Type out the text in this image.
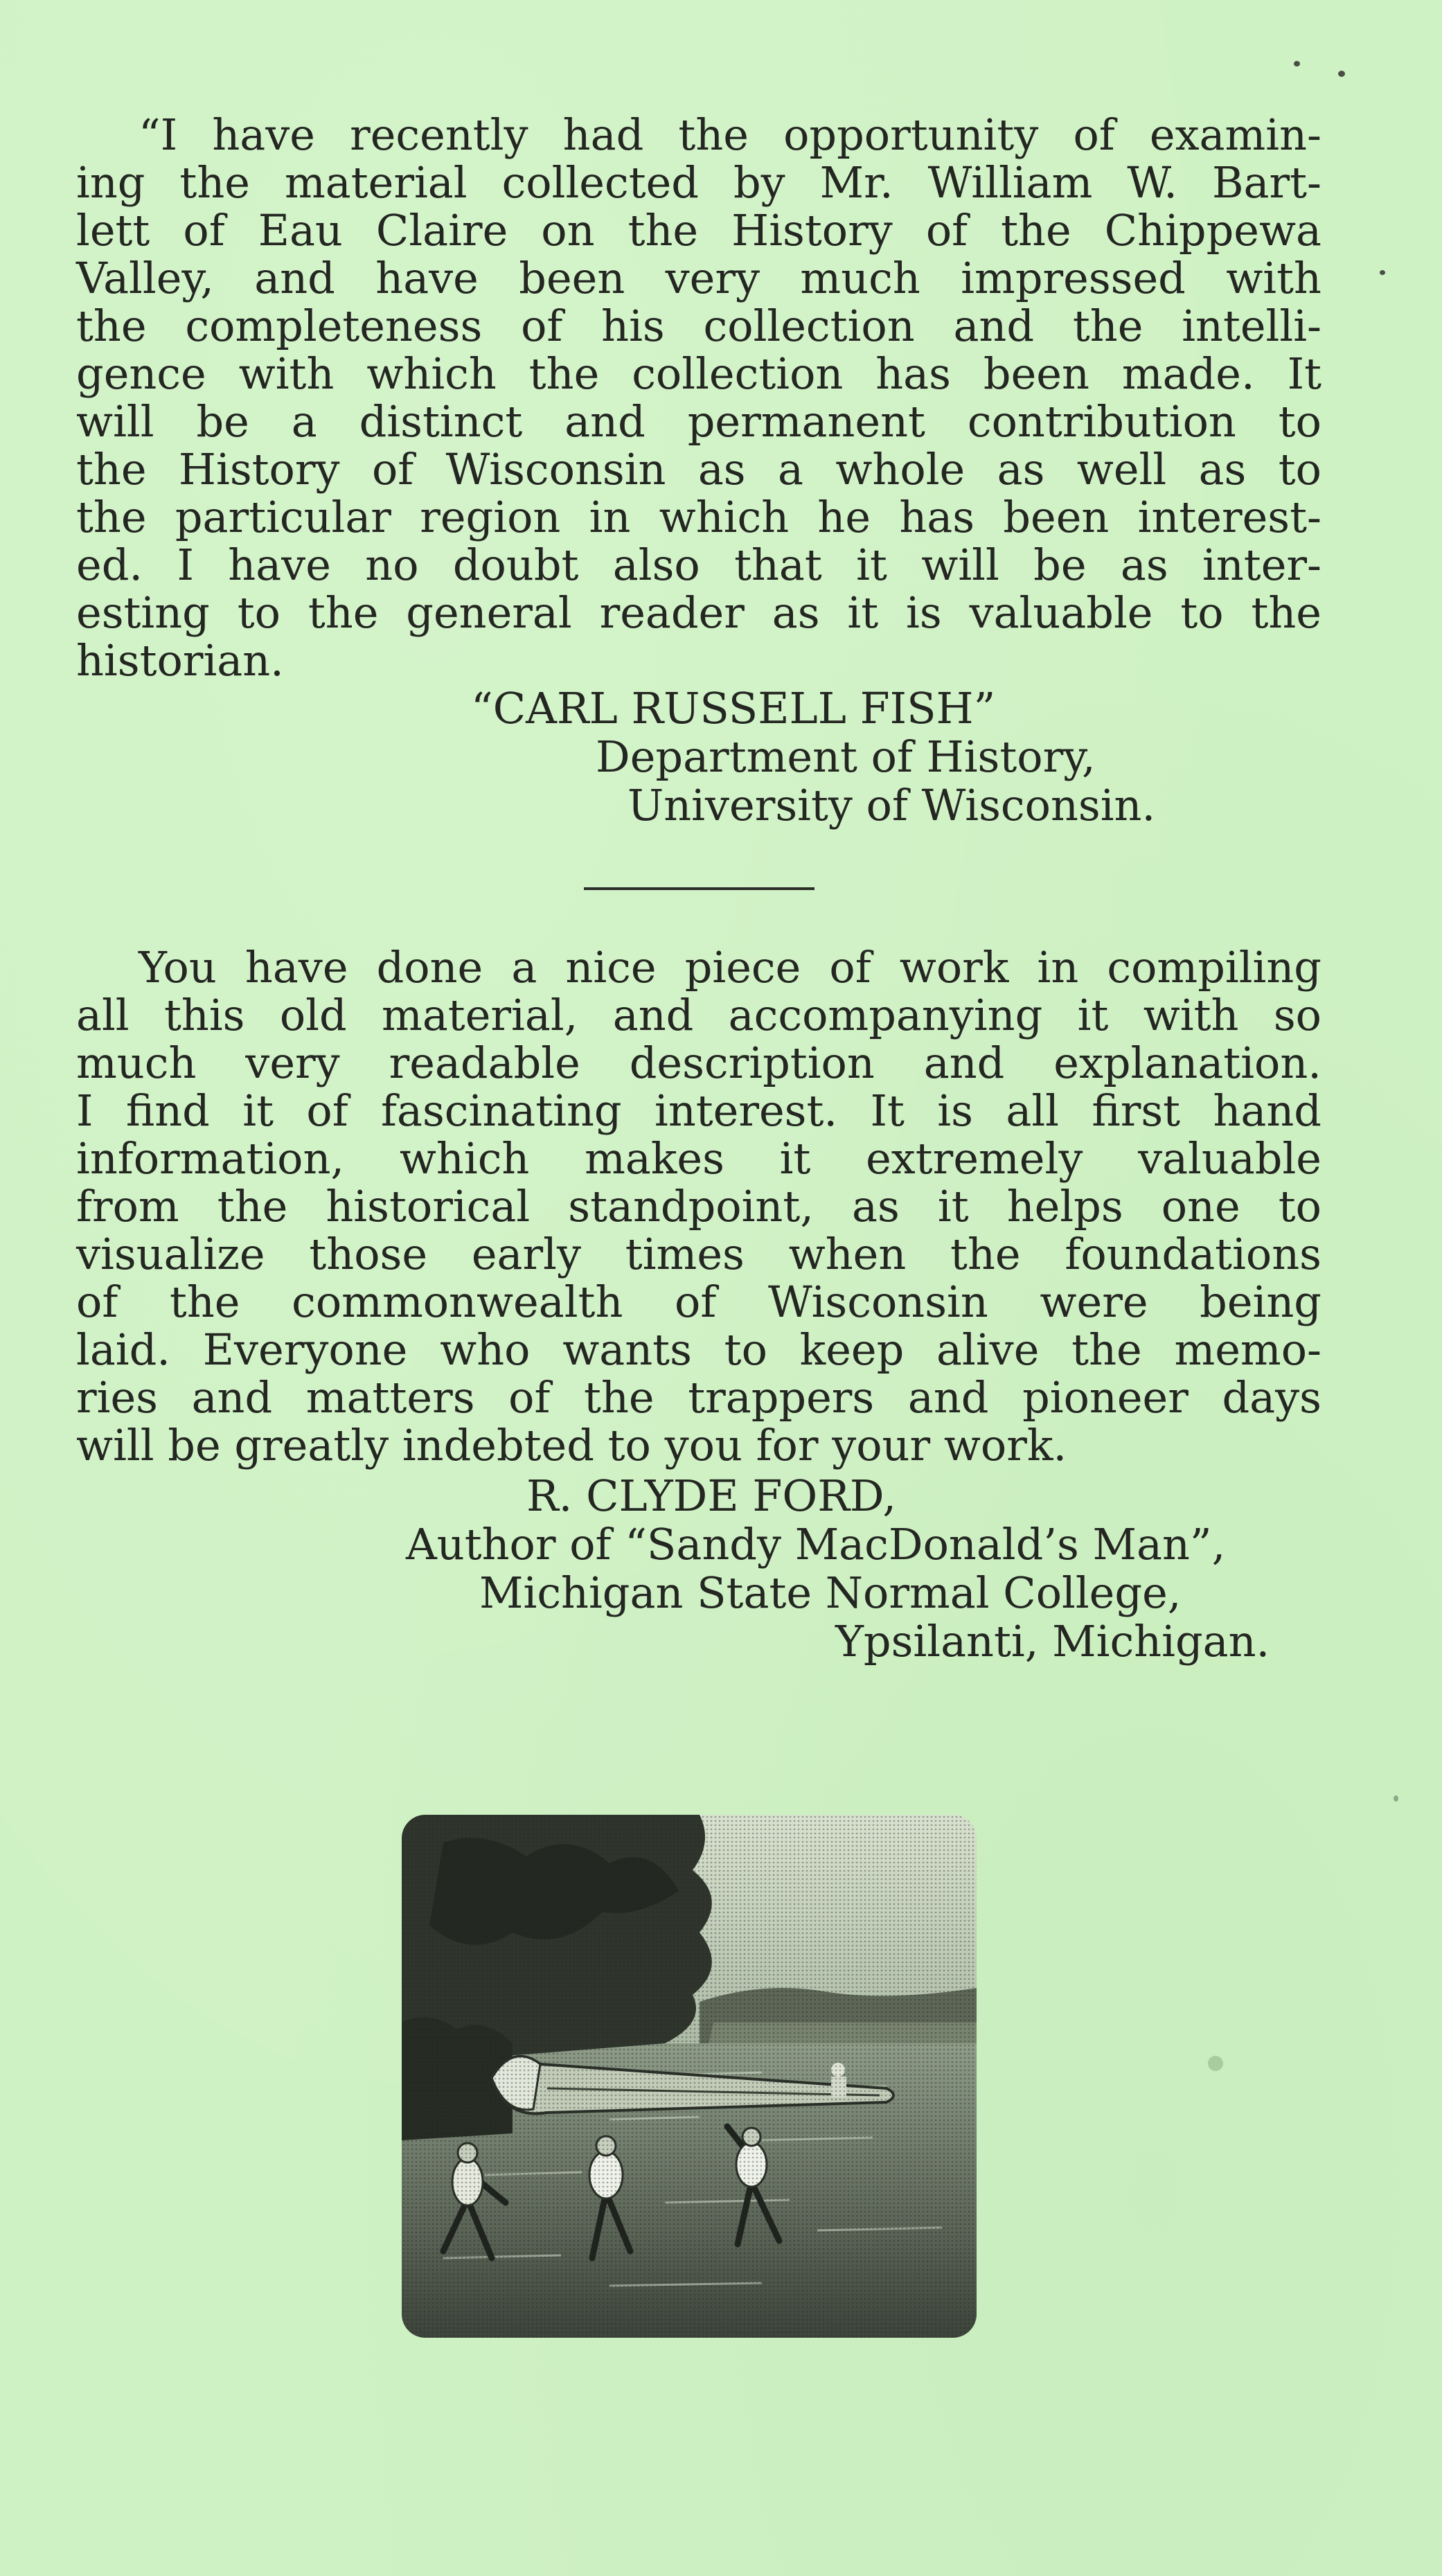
“I have recently had the opportunity of examin-
ing the material collected by Mr. William W. Bart-
lett of Eau Claire on the History of the Chippewa
Valley, and have been very much impressed with
the completeness of his collection and the intelli-
gence with which the collection has been made. It
will be a distinct and permanent contribution to
the History of Wisconsin as a whole as well as to
the particular region in which he has been interest-
ed. I have no doubt also that it will be as inter-
esting to the general reader as it is valuable to the
historian.

“CARL RUSSELL FISH”

Department of History,

University of Wisconsin.

You have done a nice piece of work in compiling
all this old material, and accompanying it with so
much very readable description and explanation.
I find it of fascinating interest. It is all first hand
information, which makes it extremely valuable
from the historical standpoint, as it helps one to
visualize those early times when the foundations
of the commonwealth of Wisconsin were being
laid. Everyone who wants to keep alive the memo-
ries and matters of the trappers and pioneer days
will be greatly indebted to you for your work.

R. CLYDE FORD,

Author of “Sandy MacDonald’s Man”,

Michigan State Normal College,

Ypsilanti, Michigan.
